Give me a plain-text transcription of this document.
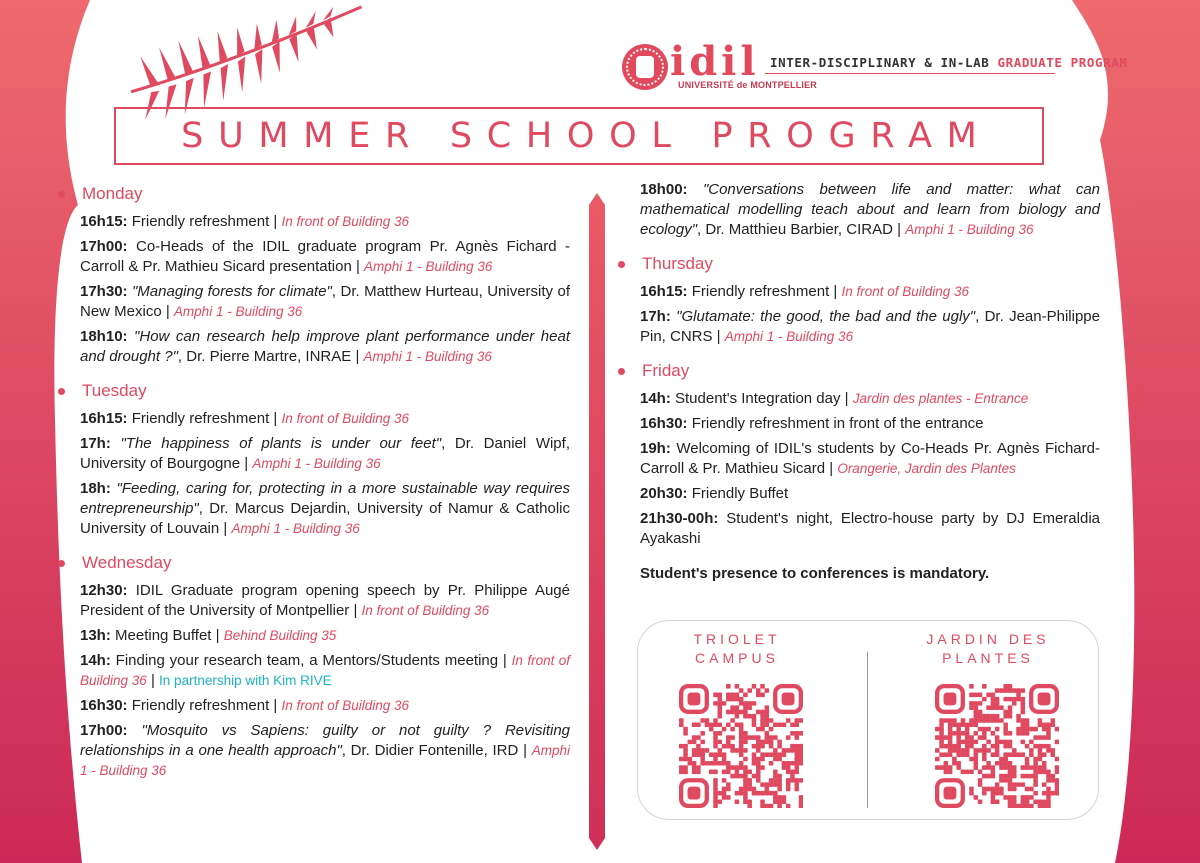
idil
UNIVERSITÉ de MONTPELLIER
INTER-DISCIPLINARY & IN-LAB GRADUATE PROGRAM
SUMMER SCHOOL PROGRAM
Monday
16h15: Friendly refreshment | In front of Building 36
17h00: Co-Heads of the IDIL graduate program Pr. Agnès Fichard - Carroll & Pr. Mathieu Sicard presentation | Amphi 1 - Building 36
17h30: "Managing forests for climate", Dr. Matthew Hurteau, University of New Mexico | Amphi 1 - Building 36
18h10: "How can research help improve plant performance under heat and drought ?", Dr. Pierre Martre, INRAE | Amphi 1 - Building 36
Tuesday
16h15: Friendly refreshment | In front of Building 36
17h: "The happiness of plants is under our feet", Dr. Daniel Wipf, University of Bourgogne | Amphi 1 - Building 36
18h: "Feeding, caring for, protecting in a more sustainable way requires entrepreneurship", Dr. Marcus Dejardin, University of Namur & Catholic University of Louvain | Amphi 1 - Building 36
Wednesday
12h30: IDIL Graduate program opening speech by Pr. Philippe Augé President of the University of Montpellier | In front of Building 36
13h: Meeting Buffet | Behind Building 35
14h: Finding your research team, a Mentors/Students meeting | In front of Building 36 | In partnership with Kim RIVE
16h30: Friendly refreshment | In front of Building 36
17h00: "Mosquito vs Sapiens: guilty or not guilty ? Revisiting relationships in a one health approach", Dr. Didier Fontenille, IRD | Amphi 1 - Building 36
18h00: "Conversations between life and matter: what can mathematical modelling teach about and learn from biology and ecology", Dr. Matthieu Barbier, CIRAD | Amphi 1 - Building 36
Thursday
16h15: Friendly refreshment | In front of Building 36
17h: "Glutamate: the good, the bad and the ugly", Dr. Jean-Philippe Pin, CNRS | Amphi 1 - Building 36
Friday
14h: Student's Integration day | Jardin des plantes - Entrance
16h30: Friendly refreshment in front of the entrance
19h: Welcoming of IDIL's students by Co-Heads Pr. Agnès Fichard-Carroll & Pr. Mathieu Sicard | Orangerie, Jardin des Plantes
20h30: Friendly Buffet
21h30-00h: Student's night, Electro-house party by DJ Emeraldia Ayakashi
Student's presence to conferences is mandatory.
TRIOLET
CAMPUS
JARDIN DES
PLANTES
